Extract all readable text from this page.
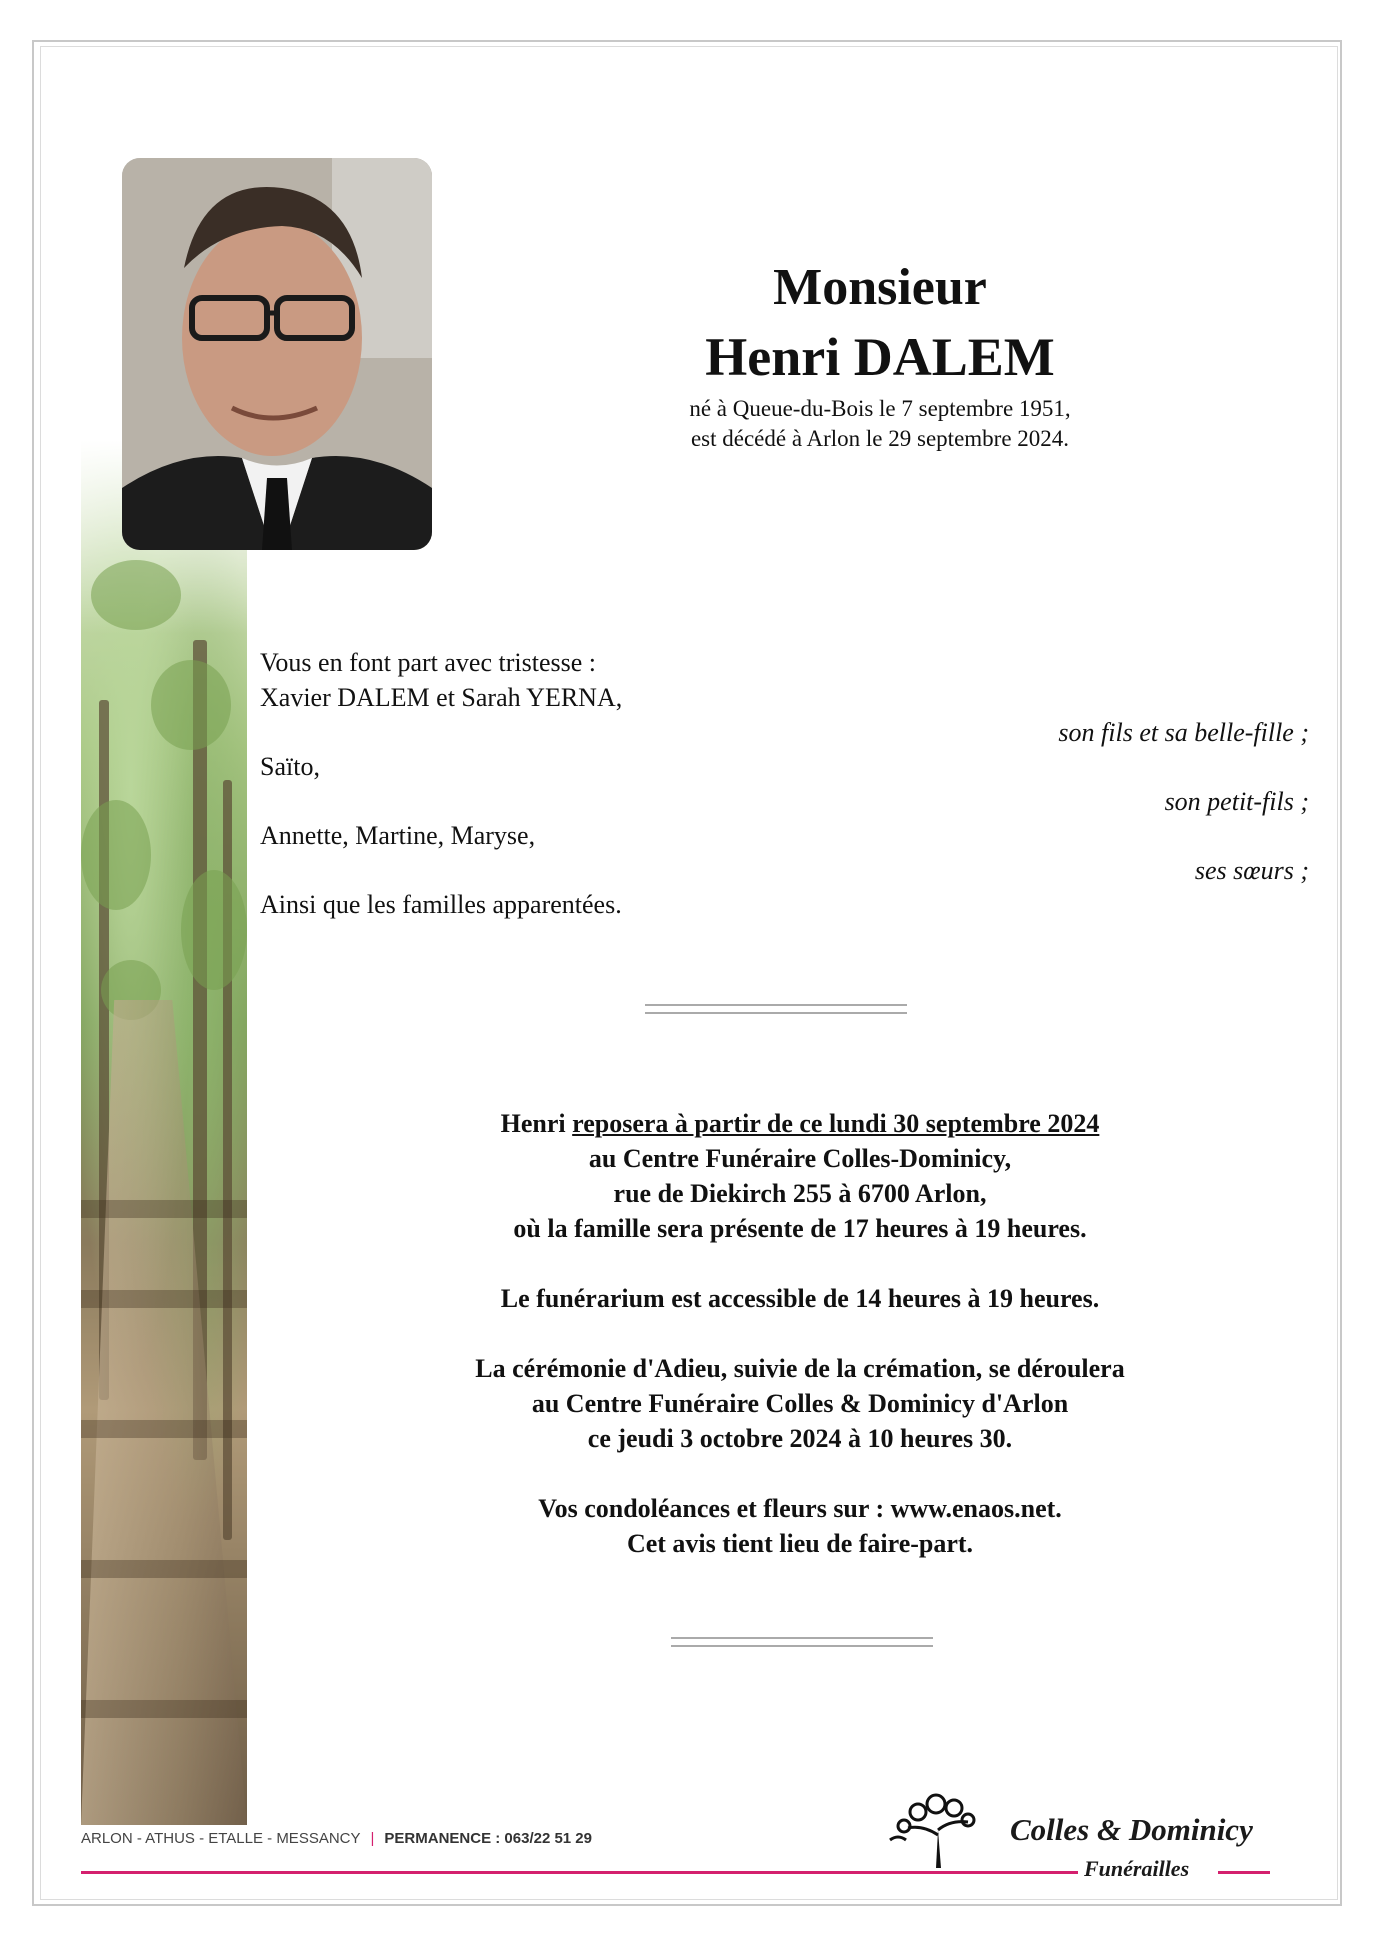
Monsieur
Henri DALEM
né à Queue-du-Bois le 7 septembre 1951,
est décédé à Arlon le 29 septembre 2024.
Vous en font part avec tristesse :
Xavier DALEM et Sarah YERNA,
son fils et sa belle-fille ;
Saïto,
son petit-fils ;
Annette, Martine, Maryse,
ses sœurs ;
Ainsi que les familles apparentées.
Henri reposera à partir de ce lundi 30 septembre 2024
au Centre Funéraire Colles-Dominicy,
rue de Diekirch 255 à 6700 Arlon,
où la famille sera présente de 17 heures à 19 heures.
Le funérarium est accessible de 14 heures à 19 heures.
La cérémonie d'Adieu, suivie de la crémation, se déroulera
au Centre Funéraire Colles & Dominicy d'Arlon
ce jeudi 3 octobre 2024 à 10 heures 30.
Vos condoléances et fleurs sur : www.enaos.net.
Cet avis tient lieu de faire-part.
ARLON - ATHUS - ETALLE - MESSANCY | PERMANENCE : 063/22 51 29	Colles & Dominicy
Funérailles
